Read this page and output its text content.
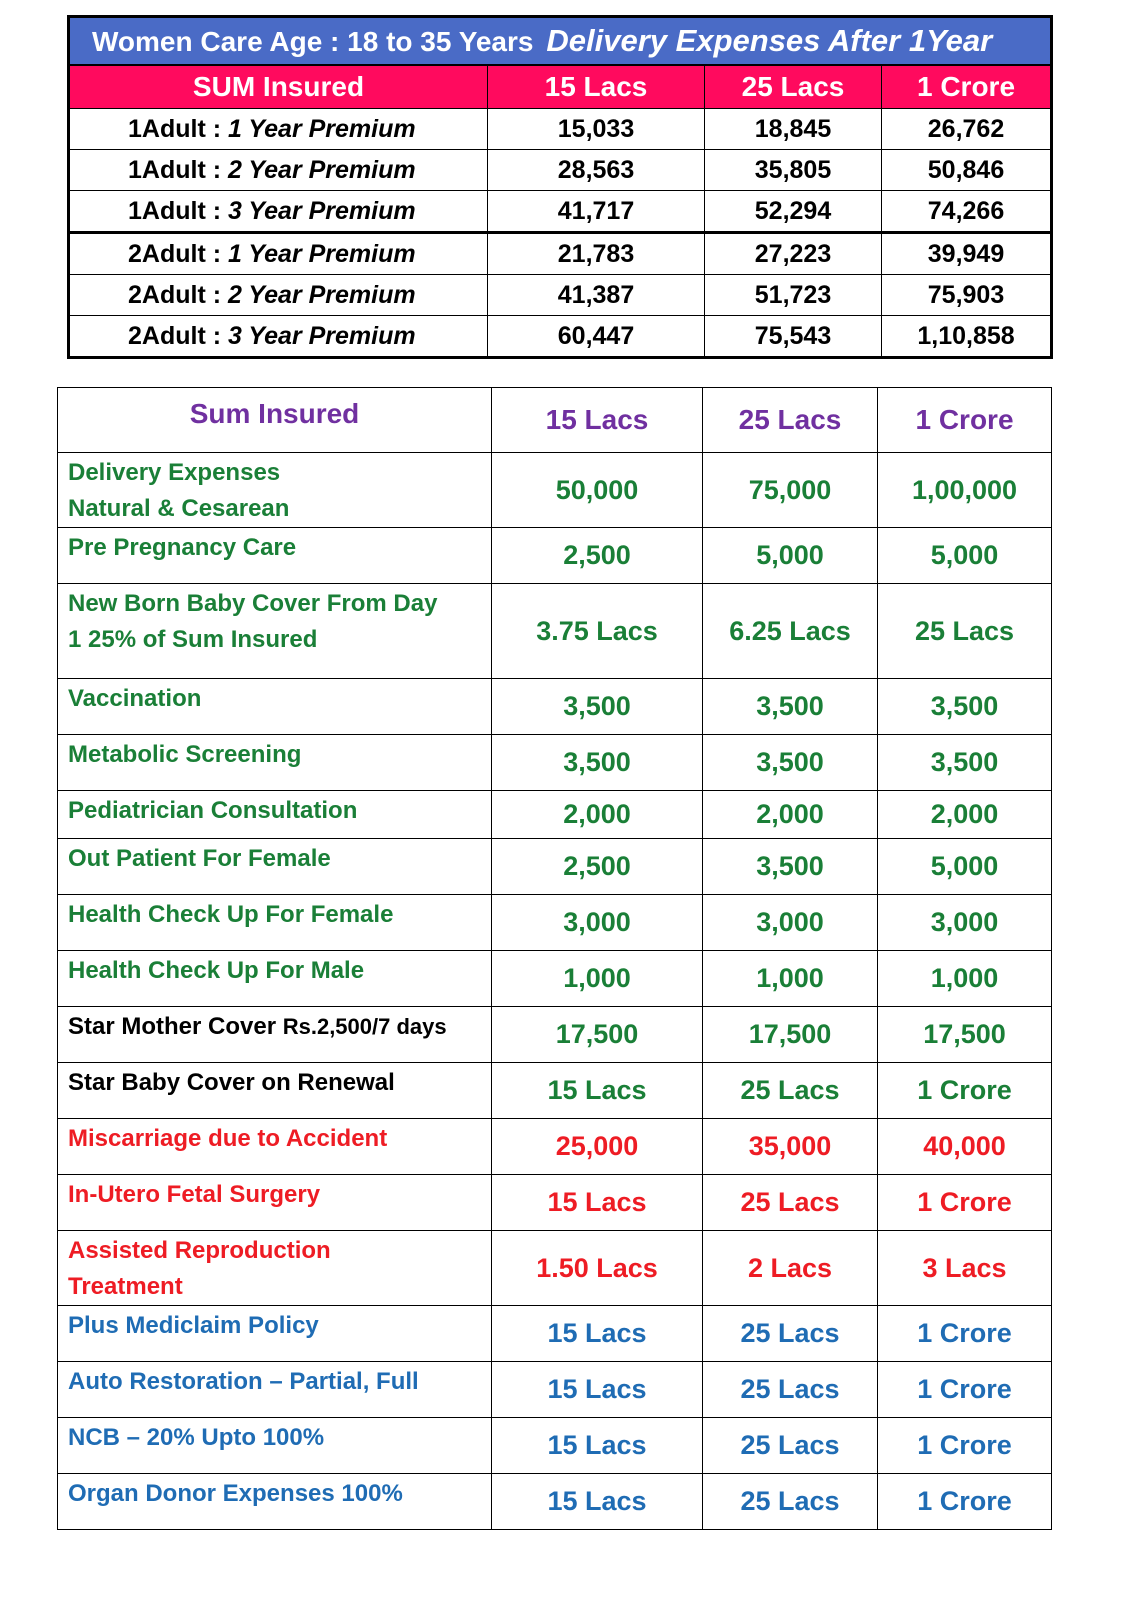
Women Care Age : 18 to 35 Years Delivery Expenses After 1Year			
SUM Insured	15 Lacs	25 Lacs	1 Crore
1Adult : 1 Year Premium	15,033	18,845	26,762
1Adult : 2 Year Premium	28,563	35,805	50,846
1Adult : 3 Year Premium	41,717	52,294	74,266
2Adult : 1 Year Premium	21,783	27,223	39,949
2Adult : 2 Year Premium	41,387	51,723	75,903
2Adult : 3 Year Premium	60,447	75,543	1,10,858
Sum Insured	15 Lacs	25 Lacs	1 Crore
Delivery Expenses
Natural & Cesarean	50,000	75,000	1,00,000
Pre Pregnancy Care	2,500	5,000	5,000
New Born Baby Cover From Day
1 25% of Sum Insured	3.75 Lacs	6.25 Lacs	25 Lacs
Vaccination	3,500	3,500	3,500
Metabolic Screening	3,500	3,500	3,500
Pediatrician Consultation	2,000	2,000	2,000
Out Patient For Female	2,500	3,500	5,000
Health Check Up For Female	3,000	3,000	3,000
Health Check Up For Male	1,000	1,000	1,000
Star Mother Cover Rs.2,500/7 days	17,500	17,500	17,500
Star Baby Cover on Renewal	15 Lacs	25 Lacs	1 Crore
Miscarriage due to Accident	25,000	35,000	40,000
In-Utero Fetal Surgery	15 Lacs	25 Lacs	1 Crore
Assisted Reproduction
Treatment	1.50 Lacs	2 Lacs	3 Lacs
Plus Mediclaim Policy	15 Lacs	25 Lacs	1 Crore
Auto Restoration – Partial, Full	15 Lacs	25 Lacs	1 Crore
NCB – 20% Upto 100%	15 Lacs	25 Lacs	1 Crore
Organ Donor Expenses 100%	15 Lacs	25 Lacs	1 Crore
